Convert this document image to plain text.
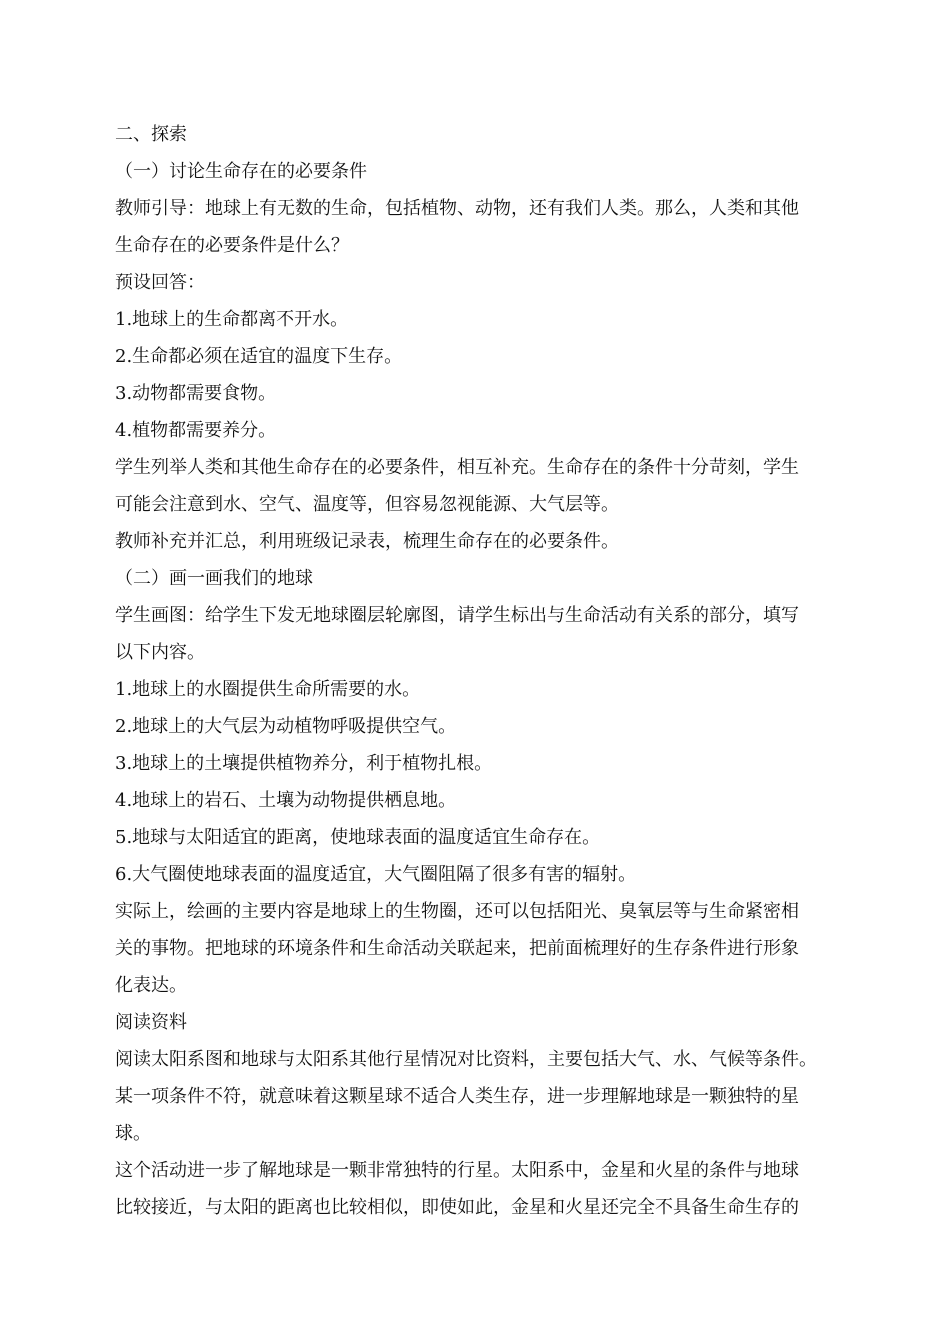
二、探索
（一）讨论生命存在的必要条件
教师引导：地球上有无数的生命，包括植物、动物，还有我们人类。那么，人类和其他
生命存在的必要条件是什么？
预设回答：
1.地球上的生命都离不开水。
2.生命都必须在适宜的温度下生存。
3.动物都需要食物。
4.植物都需要养分。
学生列举人类和其他生命存在的必要条件，相互补充。生命存在的条件十分苛刻，学生
可能会注意到水、空气、温度等，但容易忽视能源、大气层等。
教师补充并汇总，利用班级记录表，梳理生命存在的必要条件。
（二）画一画我们的地球
学生画图：给学生下发无地球圈层轮廓图，请学生标出与生命活动有关系的部分，填写
以下内容。
1.地球上的水圈提供生命所需要的水。
2.地球上的大气层为动植物呼吸提供空气。
3.地球上的土壤提供植物养分，利于植物扎根。
4.地球上的岩石、土壤为动物提供栖息地。
5.地球与太阳适宜的距离，使地球表面的温度适宜生命存在。
6.大气圈使地球表面的温度适宜，大气圈阻隔了很多有害的辐射。
实际上，绘画的主要内容是地球上的生物圈，还可以包括阳光、臭氧层等与生命紧密相
关的事物。把地球的环境条件和生命活动关联起来，把前面梳理好的生存条件进行形象
化表达。
阅读资料
阅读太阳系图和地球与太阳系其他行星情况对比资料，主要包括大气、水、气候等条件。
某一项条件不符，就意味着这颗星球不适合人类生存，进一步理解地球是一颗独特的星
球。
这个活动进一步了解地球是一颗非常独特的行星。太阳系中，金星和火星的条件与地球
比较接近，与太阳的距离也比较相似，即使如此，金星和火星还完全不具备生命生存的
